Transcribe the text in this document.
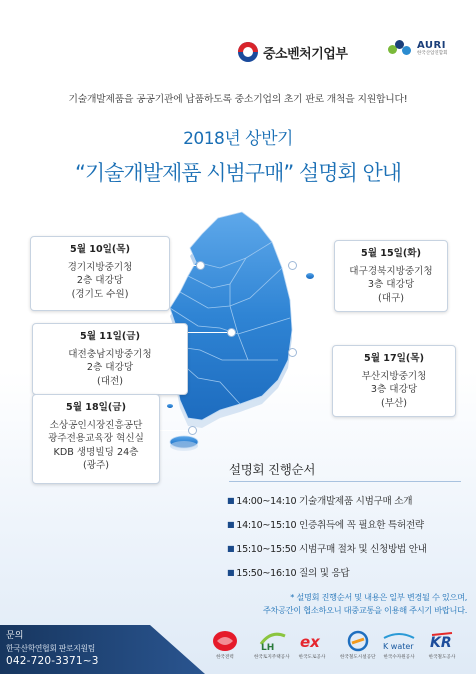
중소벤처기업부
AURI
한국산업연합회
기술개발제품을 공공기관에 납품하도록 중소기업의 초기 판로 개척을 지원합니다!
2018년 상반기
“기술개발제품 시범구매” 설명회 안내
5월 10일(목)
경기지방중기청
2층 대강당
(경기도 수원)
5월 15일(화)
대구경북지방중기청
3층 대강당
(대구)
5월 11일(금)
대전충남지방중기청
2층 대강당
(대전)
5월 17일(목)
부산지방중기청
3층 대강당
(부산)
5월 18일(금)
소상공인시장진흥공단
광주전용교육장 혁신실
KDB 생명빌딩 24층
(광주)	설명회 진행순서
■ 14:00~14:10 기술개발제품 시범구매 소개
■ 14:10~15:10 인증취득에 꼭 필요한 특허전략
■ 15:10~15:50 시범구매 절차 및 신청방법 안내
■ 15:50~16:10 질의 및 응답
* 설명회 진행순서 및 내용은 일부 변경될 수 있으며,
주차공간이 협소하오니 대중교통을 이용해 주시기 바랍니다.
문의
한국산학연협회 판로지원팀
042-720-3371~3	한국전력
LH
한국토지주택공사
ex
한국도로공사	한국철도시설공단
K water
한국수자원공사
KR
한국철도공사
